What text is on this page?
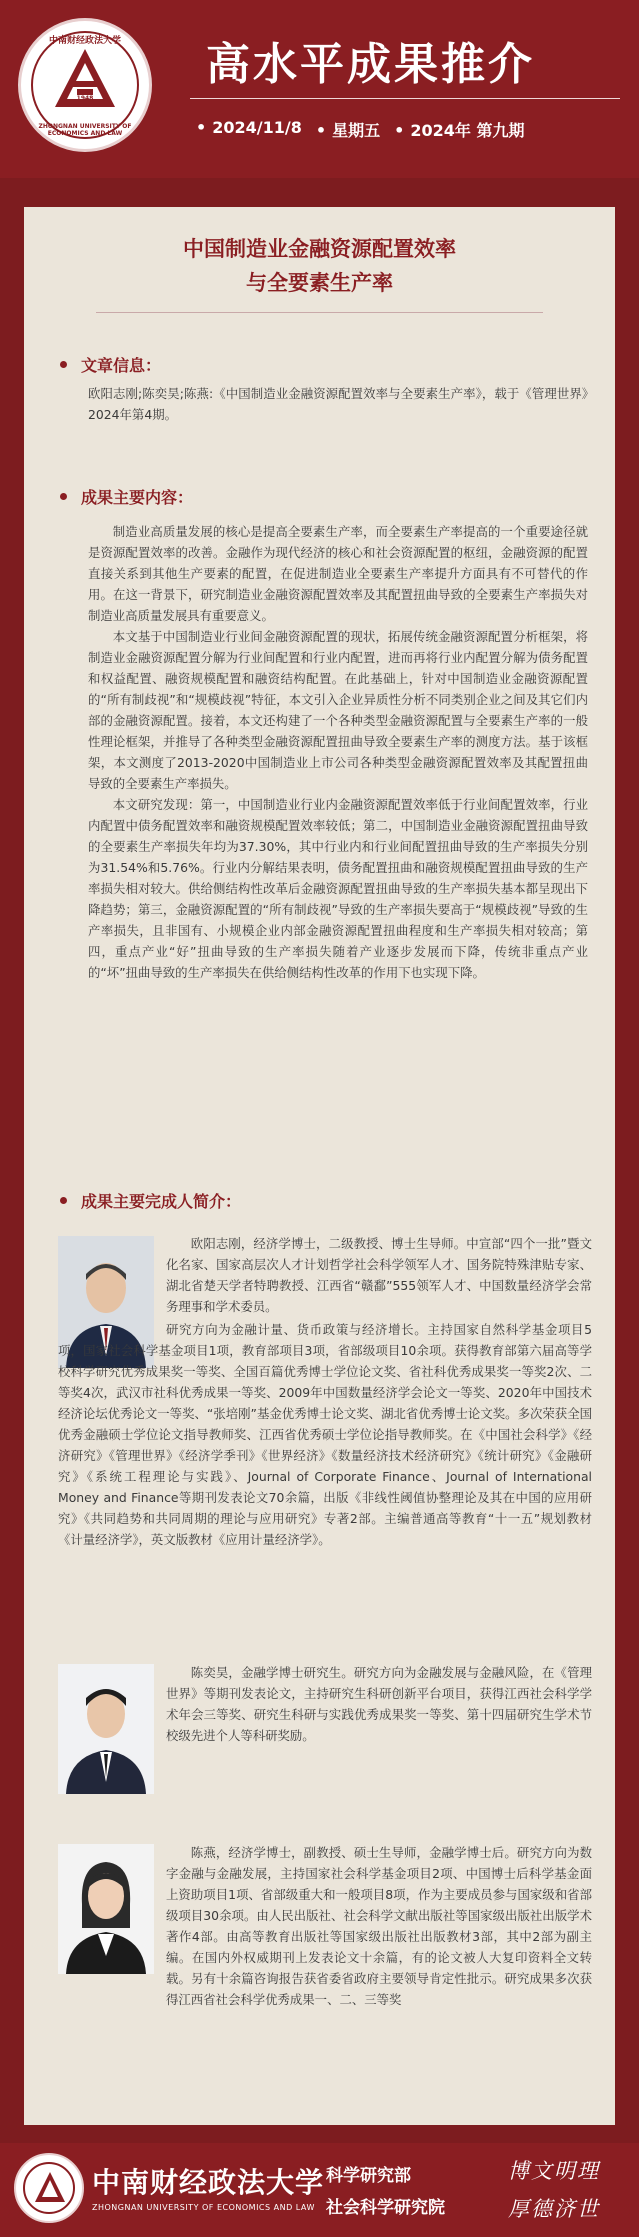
中南财经政法大学
1948
ZHONGNAN UNIVERSITY OF ECONOMICS AND LAW
高水平成果推介
• 2024/11/8 • 星期五 • 2024年 第九期
中国制造业金融资源配置效率
与全要素生产率
文章信息：

欧阳志刚;陈奕昊;陈燕:《中国制造业金融资源配置效率与全要素生产率》，载于《管理世界》2024年第4期。

成果主要内容：

制造业高质量发展的核心是提高全要素生产率，而全要素生产率提高的一个重要途径就是资源配置效率的改善。金融作为现代经济的核心和社会资源配置的枢纽，金融资源的配置直接关系到其他生产要素的配置，在促进制造业全要素生产率提升方面具有不可替代的作用。在这一背景下，研究制造业金融资源配置效率及其配置扭曲导致的全要素生产率损失对制造业高质量发展具有重要意义。

本文基于中国制造业行业间金融资源配置的现状，拓展传统金融资源配置分析框架，将制造业金融资源配置分解为行业间配置和行业内配置，进而再将行业内配置分解为债务配置和权益配置、融资规模配置和融资结构配置。在此基础上，针对中国制造业金融资源配置的“所有制歧视”和“规模歧视”特征，本文引入企业异质性分析不同类别企业之间及其它们内部的金融资源配置。接着，本文还构建了一个各种类型金融资源配置与全要素生产率的一般性理论框架，并推导了各种类型金融资源配置扭曲导致全要素生产率的测度方法。基于该框架，本文测度了2013-2020中国制造业上市公司各种类型金融资源配置效率及其配置扭曲导致的全要素生产率损失。

本文研究发现：第一，中国制造业行业内金融资源配置效率低于行业间配置效率，行业内配置中债务配置效率和融资规模配置效率较低；第二，中国制造业金融资源配置扭曲导致的全要素生产率损失年均为37.30%，其中行业内和行业间配置扭曲导致的生产率损失分别为31.54%和5.76%。行业内分解结果表明，债务配置扭曲和融资规模配置扭曲导致的生产率损失相对较大。供给侧结构性改革后金融资源配置扭曲导致的生产率损失基本都呈现出下降趋势；第三，金融资源配置的“所有制歧视”导致的生产率损失要高于“规模歧视”导致的生产率损失，且非国有、小规模企业内部金融资源配置扭曲程度和生产率损失相对较高；第四，重点产业“好”扭曲导致的生产率损失随着产业逐步发展而下降，传统非重点产业的“坏”扭曲导致的生产率损失在供给侧结构性改革的作用下也实现下降。

成果主要完成人简介：

欧阳志刚，经济学博士，二级教授、博士生导师。中宣部“四个一批”暨文化名家、国家高层次人才计划哲学社会科学领军人才、国务院特殊津贴专家、湖北省楚天学者特聘教授、江西省“赣鄱”555领军人才、中国数量经济学会常务理事和学术委员。

研究方向为金融计量、货币政策与经济增长。主持国家自然科学基金项目5项，国家社会科学基金项目1项，教育部项目3项，省部级项目10余项。获得教育部第六届高等学校科学研究优秀成果奖一等奖、全国百篇优秀博士学位论文奖、省社科优秀成果奖一等奖2次、二等奖4次，武汉市社科优秀成果一等奖、2009年中国数量经济学会论文一等奖、2020年中国技术经济论坛优秀论文一等奖、“张培刚”基金优秀博士论文奖、湖北省优秀博士论文奖。多次荣获全国优秀金融硕士学位论文指导教师奖、江西省优秀硕士学位论指导教师奖。在《中国社会科学》《经济研究》《管理世界》《经济学季刊》《世界经济》《数量经济技术经济研究》《统计研究》《金融研究》《系统工程理论与实践》、Journal of Corporate Finance、Journal of International Money and Finance等期刊发表论文70余篇，出版《非线性阈值协整理论及其在中国的应用研究》《共同趋势和共同周期的理论与应用研究》专著2部。主编普通高等教育“十一五”规划教材《计量经济学》，英文版教材《应用计量经济学》。

陈奕昊，金融学博士研究生。研究方向为金融发展与金融风险，在《管理世界》等期刊发表论文，主持研究生科研创新平台项目，获得江西社会科学学术年会三等奖、研究生科研与实践优秀成果奖一等奖、第十四届研究生学术节校级先进个人等科研奖励。

陈燕，经济学博士，副教授、硕士生导师，金融学博士后。研究方向为数字金融与金融发展，主持国家社会科学基金项目2项、中国博士后科学基金面上资助项目1项、省部级重大和一般项目8项，作为主要成员参与国家级和省部级项目30余项。由人民出版社、社会科学文献出版社等国家级出版社出版学术著作4部。由高等教育出版社等国家级出版社出版教材3部，其中2部为副主编。在国内外权威期刊上发表论文十余篇，有的论文被人大复印资料全文转载。另有十余篇咨询报告获省委省政府主要领导肯定性批示。研究成果多次获得江西省社会科学优秀成果一、二、三等奖

中南财经政法大学
ZHONGNAN UNIVERSITY OF ECONOMICS AND LAW
科学研究部
社会科学研究院
博文明理
厚德济世
